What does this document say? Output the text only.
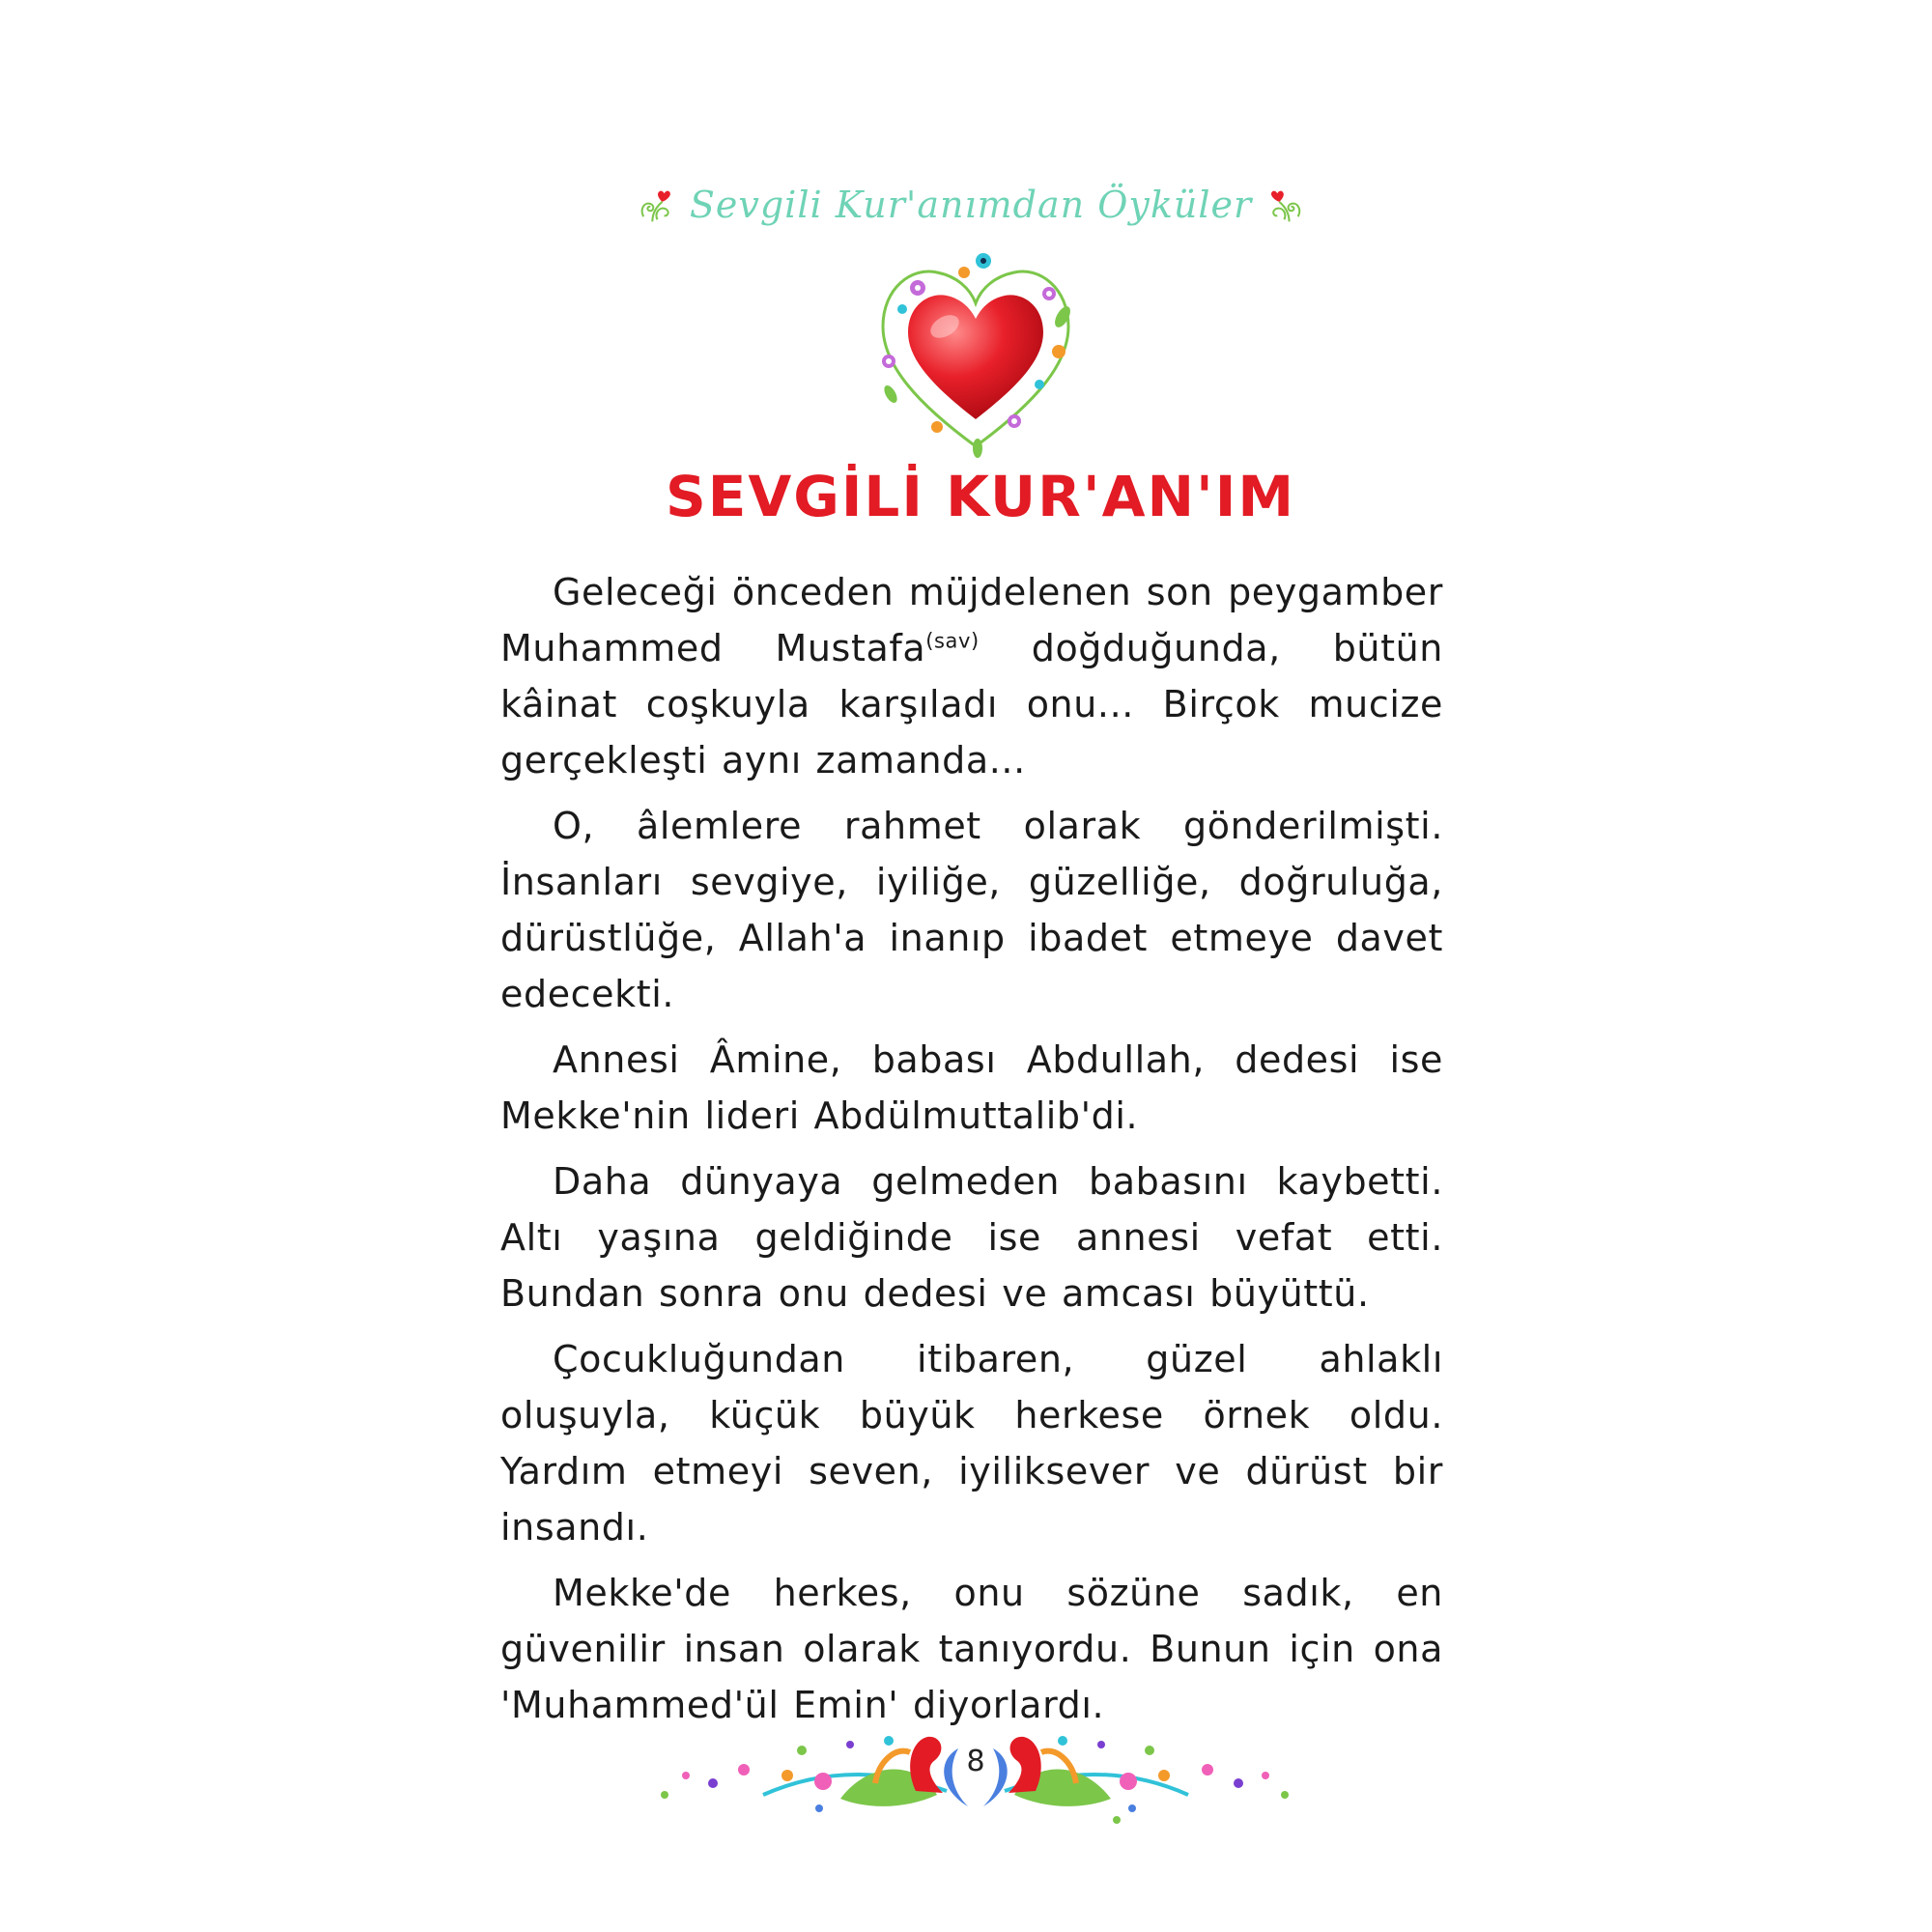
Sevgili Kur'anımdan Öyküler
SEVGİLİ KUR'AN'IM

Geleceği önceden müjdelenen son peygamber Muhammed Mustafa$^{(sav)}$ doğduğunda, bütün kâinat coşkuyla karşıladı onu... Birçok mucize gerçekleşti aynı zamanda...

O, âlemlere rahmet olarak gönderilmişti. İnsanları sevgiye, iyiliğe, güzelliğe, doğruluğa, dürüstlüğe, Allah'a inanıp ibadet etmeye davet edecekti.

Annesi Âmine, babası Abdullah, dedesi ise Mekke'nin lideri Abdülmuttalib'di.

Daha dünyaya gelmeden babasını kaybetti. Altı yaşına geldiğinde ise annesi vefat etti. Bundan sonra onu dedesi ve amcası büyüttü.

Çocukluğundan itibaren, güzel ahlaklı oluşuyla, küçük büyük herkese örnek oldu. Yardım etmeyi seven, iyiliksever ve dürüst bir insandı.

Mekke'de herkes, onu sözüne sadık, en güvenilir insan olarak tanıyordu. Bunun için ona 'Muhammed'ül Emin' diyorlardı.

8
